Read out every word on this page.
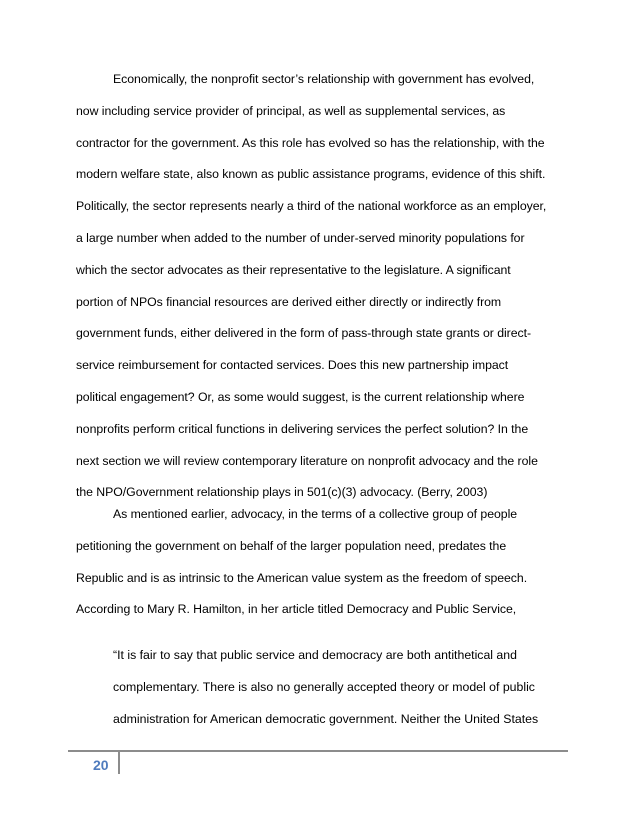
Economically, the nonprofit sector’s relationship with government has evolved,
now including service provider of principal, as well as supplemental services, as
contractor for the government. As this role has evolved so has the relationship, with the
modern welfare state, also known as public assistance programs, evidence of this shift.
Politically, the sector represents nearly a third of the national workforce as an employer,
a large number when added to the number of under-served minority populations for
which the sector advocates as their representative to the legislature. A significant
portion of NPOs financial resources are derived either directly or indirectly from
government funds, either delivered in the form of pass-through state grants or direct-
service reimbursement for contacted services. Does this new partnership impact
political engagement? Or, as some would suggest, is the current relationship where
nonprofits perform critical functions in delivering services the perfect solution? In the
next section we will review contemporary literature on nonprofit advocacy and the role
the NPO/Government relationship plays in 501(c)(3) advocacy. (Berry, 2003)

As mentioned earlier, advocacy, in the terms of a collective group of people
petitioning the government on behalf of the larger population need, predates the
Republic and is as intrinsic to the American value system as the freedom of speech.
According to Mary R. Hamilton, in her article titled Democracy and Public Service,

“It is fair to say that public service and democracy are both antithetical and
complementary. There is also no generally accepted theory or model of public
administration for American democratic government. Neither the United States

20
